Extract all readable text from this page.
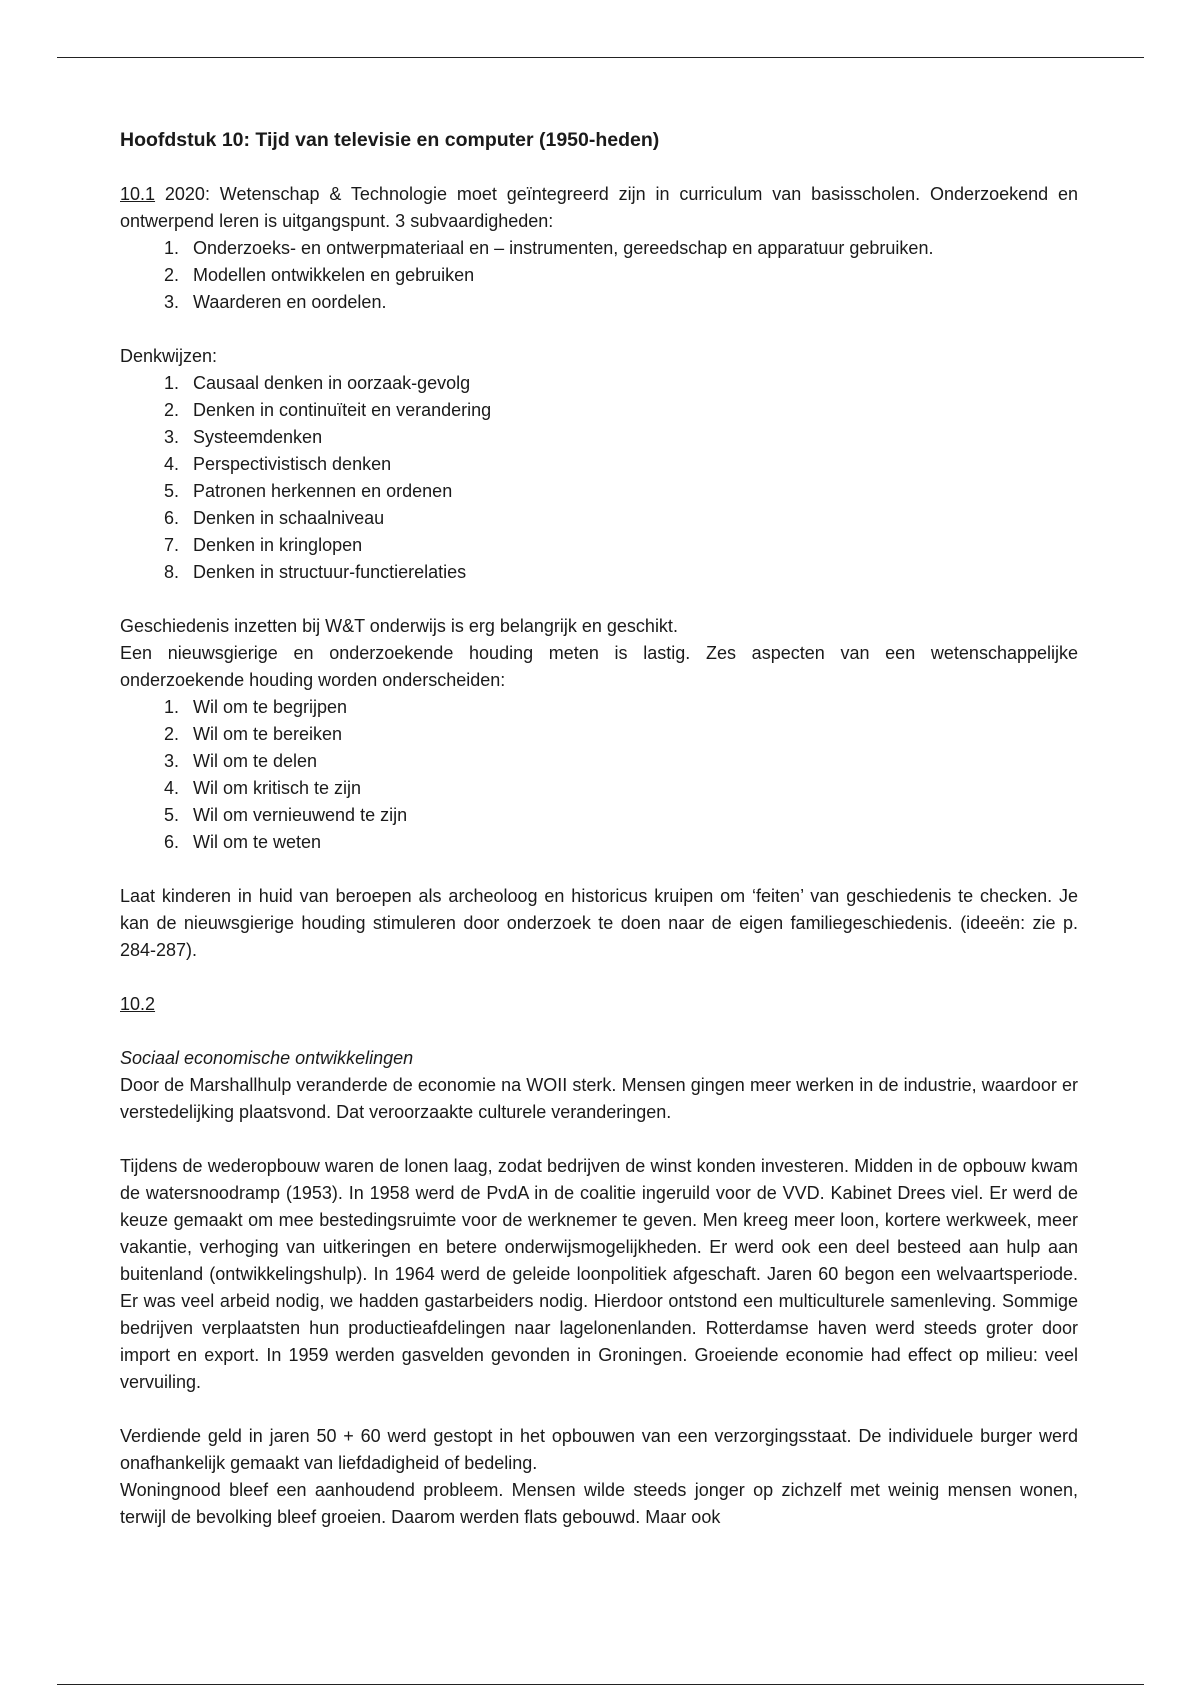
Hoofdstuk 10: Tijd van televisie en computer (1950-heden)

10.1 2020: Wetenschap & Technologie moet geïntegreerd zijn in curriculum van basisscholen. Onderzoekend en ontwerpend leren is uitgangspunt. 3 subvaardigheden:

1. Onderzoeks- en ontwerpmateriaal en – instrumenten, gereedschap en apparatuur gebruiken.
2. Modellen ontwikkelen en gebruiken
3. Waarderen en oordelen.

Denkwijzen:

1. Causaal denken in oorzaak-gevolg
2. Denken in continuïteit en verandering
3. Systeemdenken
4. Perspectivistisch denken
5. Patronen herkennen en ordenen
6. Denken in schaalniveau
7. Denken in kringlopen
8. Denken in structuur-functierelaties

Geschiedenis inzetten bij W&T onderwijs is erg belangrijk en geschikt.

Een nieuwsgierige en onderzoekende houding meten is lastig. Zes aspecten van een wetenschappelijke onderzoekende houding worden onderscheiden:

1. Wil om te begrijpen
2. Wil om te bereiken
3. Wil om te delen
4. Wil om kritisch te zijn
5. Wil om vernieuwend te zijn
6. Wil om te weten

Laat kinderen in huid van beroepen als archeoloog en historicus kruipen om ‘feiten’ van geschiedenis te checken. Je kan de nieuwsgierige houding stimuleren door onderzoek te doen naar de eigen familiegeschiedenis. (ideeën: zie p. 284-287).

10.2

Sociaal economische ontwikkelingen

Door de Marshallhulp veranderde de economie na WOII sterk. Mensen gingen meer werken in de industrie, waardoor er verstedelijking plaatsvond. Dat veroorzaakte culturele veranderingen.

Tijdens de wederopbouw waren de lonen laag, zodat bedrijven de winst konden investeren. Midden in de opbouw kwam de watersnoodramp (1953). In 1958 werd de PvdA in de coalitie ingeruild voor de VVD. Kabinet Drees viel. Er werd de keuze gemaakt om mee bestedingsruimte voor de werknemer te geven. Men kreeg meer loon, kortere werkweek, meer vakantie, verhoging van uitkeringen en betere onderwijsmogelijkheden. Er werd ook een deel besteed aan hulp aan buitenland (ontwikkelingshulp). In 1964 werd de geleide loonpolitiek afgeschaft. Jaren 60 begon een welvaartsperiode. Er was veel arbeid nodig, we hadden gastarbeiders nodig. Hierdoor ontstond een multiculturele samenleving. Sommige bedrijven verplaatsten hun productieafdelingen naar lagelonenlanden. Rotterdamse haven werd steeds groter door import en export. In 1959 werden gasvelden gevonden in Groningen. Groeiende economie had effect op milieu: veel vervuiling.

Verdiende geld in jaren 50 + 60 werd gestopt in het opbouwen van een verzorgingsstaat. De individuele burger werd onafhankelijk gemaakt van liefdadigheid of bedeling.

Woningnood bleef een aanhoudend probleem. Mensen wilde steeds jonger op zichzelf met weinig mensen wonen, terwijl de bevolking bleef groeien. Daarom werden flats gebouwd. Maar ook
